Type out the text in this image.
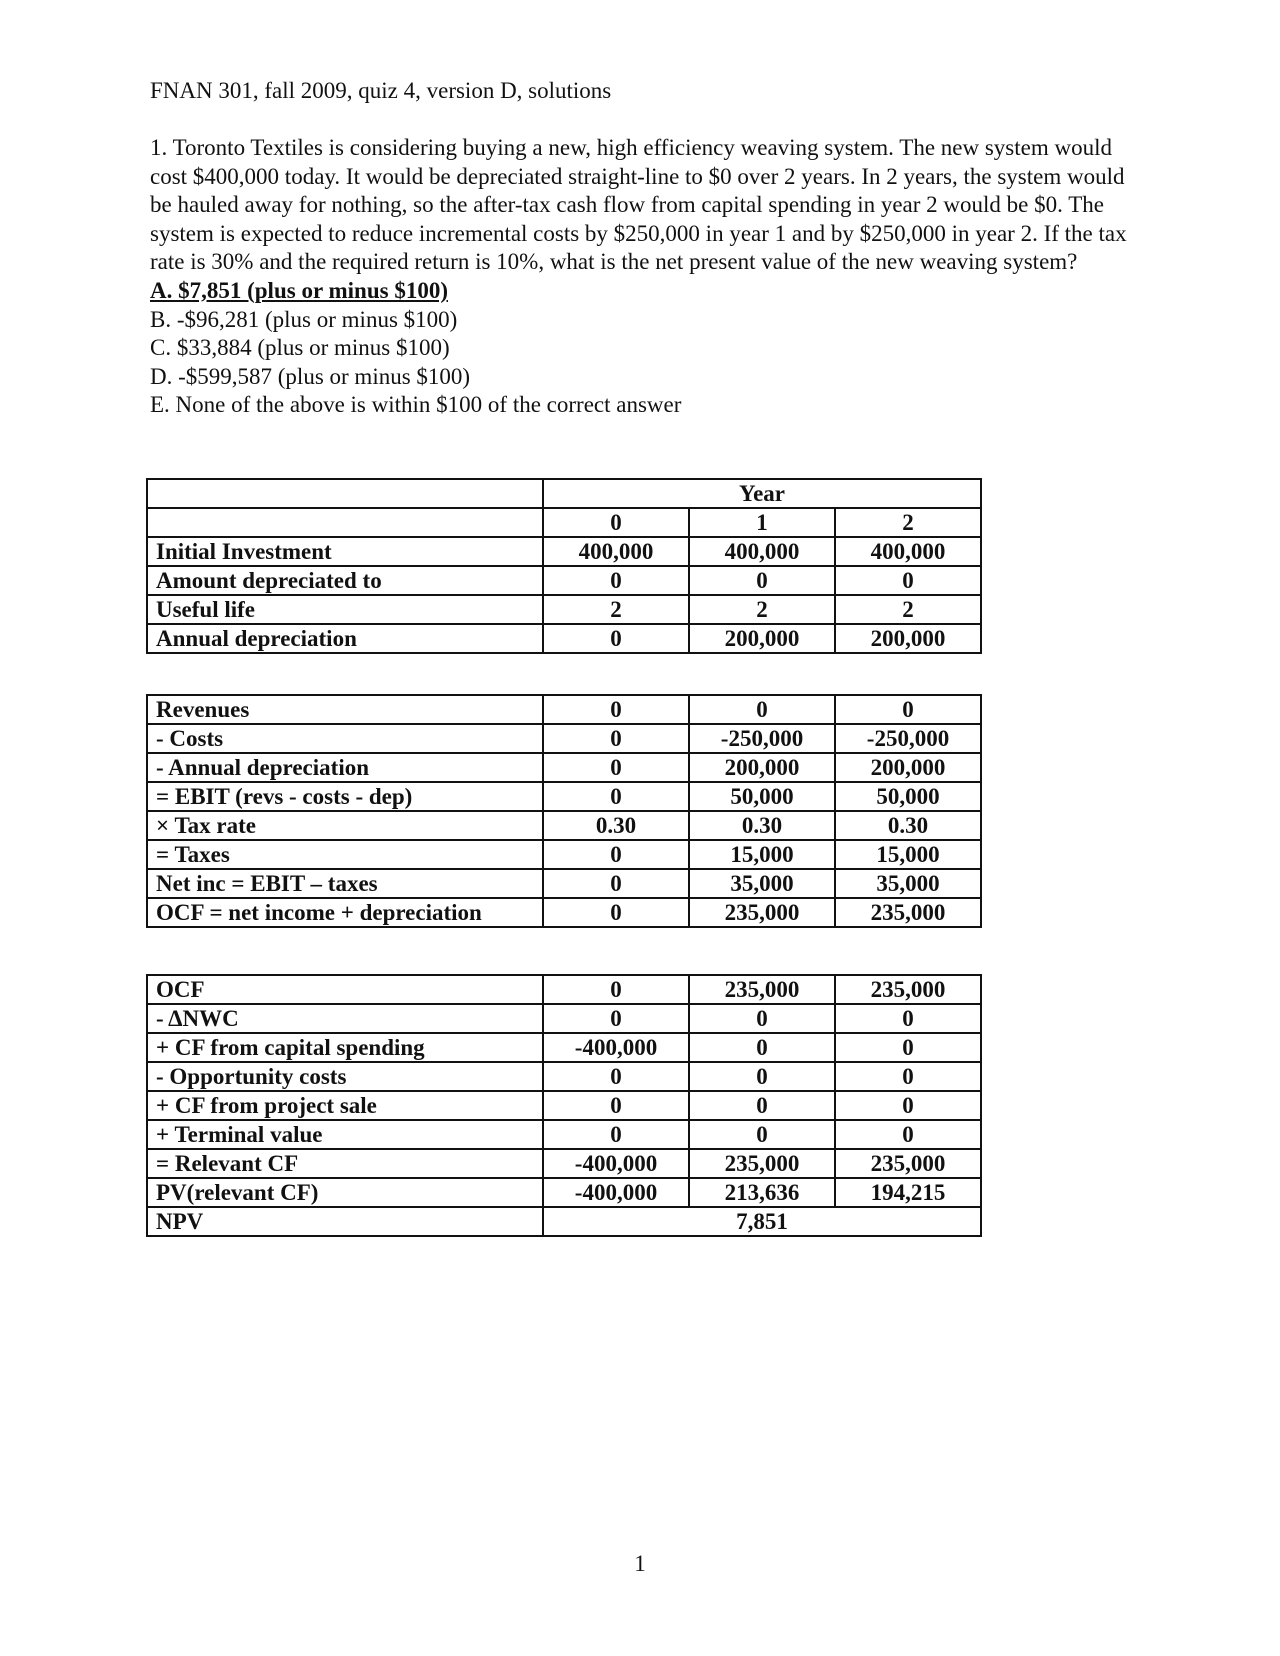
FNAN 301, fall 2009, quiz 4, version D, solutions

1. Toronto Textiles is considering buying a new, high efficiency weaving system. The new system would cost $400,000 today. It would be depreciated straight-line to $0 over 2 years. In 2 years, the system would be hauled away for nothing, so the after-tax cash flow from capital spending in year 2 would be $0. The system is expected to reduce incremental costs by $250,000 in year 1 and by $250,000 in year 2. If the tax rate is 30% and the required return is 10%, what is the net present value of the new weaving system?

A. $7,851 (plus or minus $100)
B. -$96,281 (plus or minus $100)
C. $33,884 (plus or minus $100)
D. -$599,587 (plus or minus $100)
E. None of the above is within $100 of the correct answer
	Year		
	0	1	2
Initial Investment	400,000	400,000	400,000
Amount depreciated to	0	0	0
Useful life	2	2	2
Annual depreciation	0	200,000	200,000
Revenues	0	0	0
- Costs	0	-250,000	-250,000
- Annual depreciation	0	200,000	200,000
= EBIT (revs - costs - dep)	0	50,000	50,000
× Tax rate	0.30	0.30	0.30
= Taxes	0	15,000	15,000
Net inc = EBIT – taxes	0	35,000	35,000
OCF = net income + depreciation	0	235,000	235,000
OCF	0	235,000	235,000
- ΔNWC	0	0	0
+ CF from capital spending	-400,000	0	0
- Opportunity costs	0	0	0
+ CF from project sale	0	0	0
+ Terminal value	0	0	0
= Relevant CF	-400,000	235,000	235,000
PV(relevant CF)	-400,000	213,636	194,215
NPV	7,851		
1
